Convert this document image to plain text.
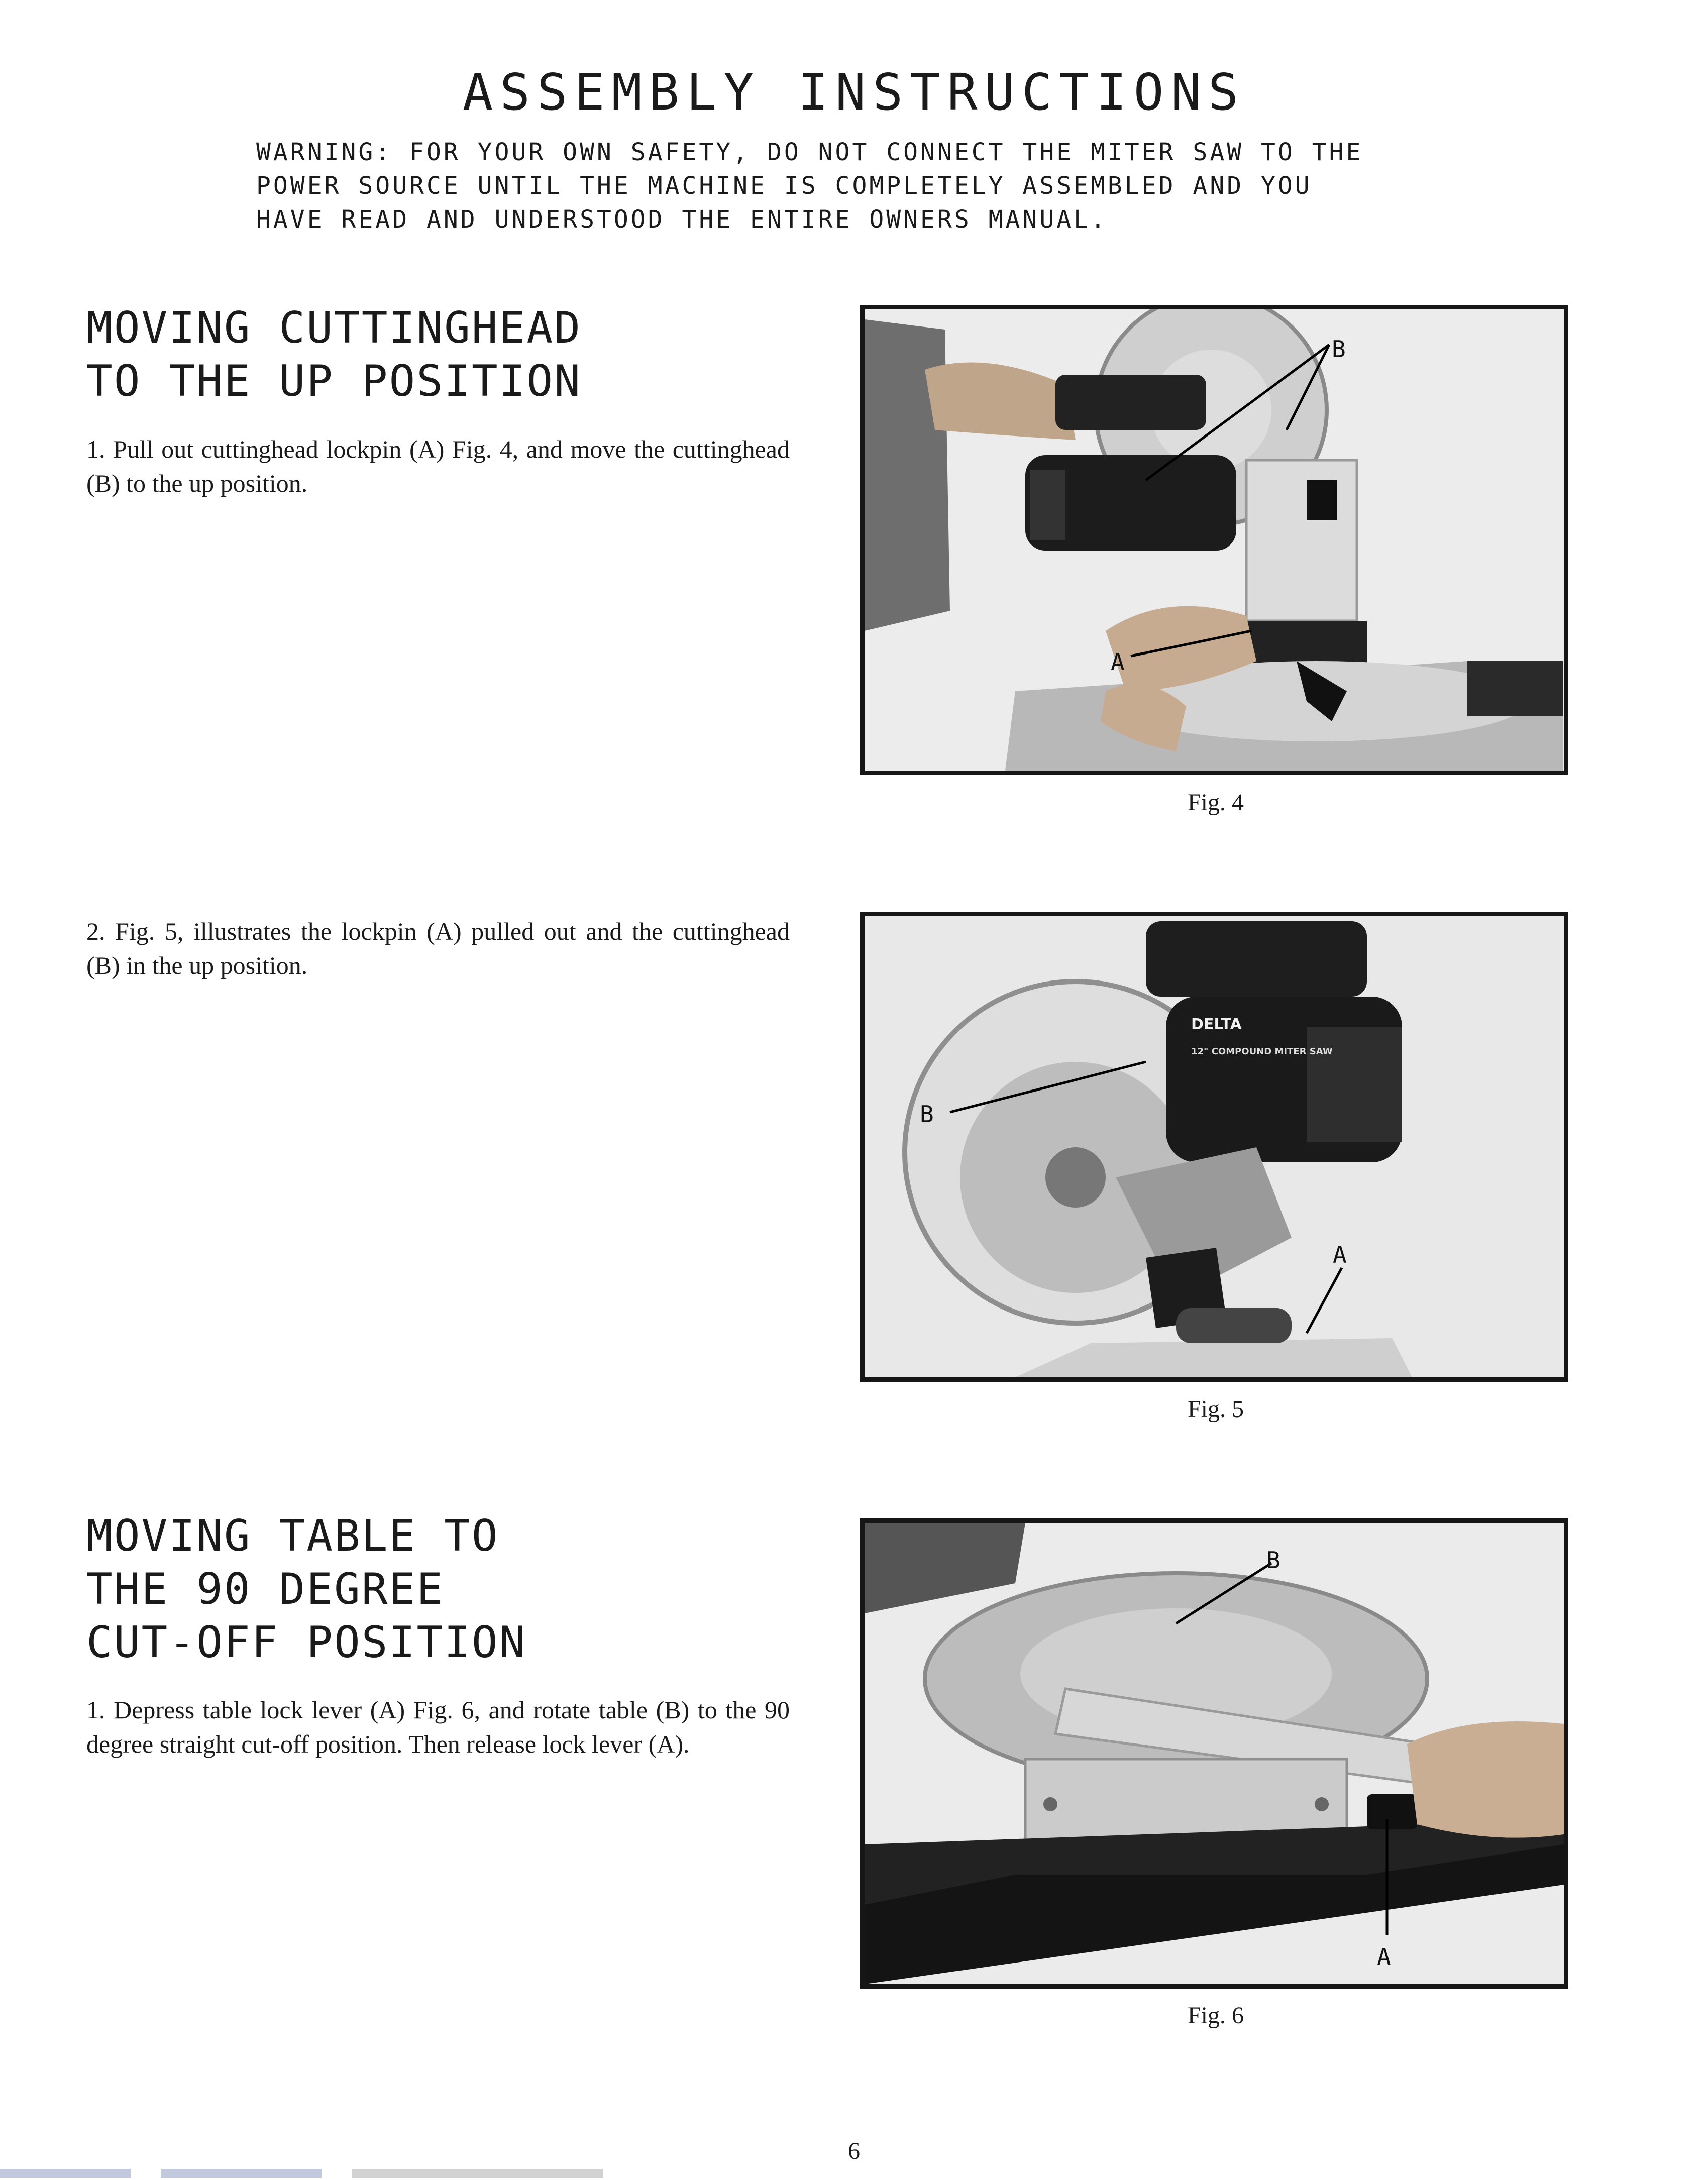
ASSEMBLY INSTRUCTIONS
WARNING: FOR YOUR OWN SAFETY, DO NOT CONNECT THE MITER SAW TO THE
POWER SOURCE UNTIL THE MACHINE IS COMPLETELY ASSEMBLED AND YOU
HAVE READ AND UNDERSTOOD THE ENTIRE OWNERS MANUAL.
MOVING CUTTINGHEAD
TO THE UP POSITION
1. Pull out cuttinghead lockpin (A) Fig. 4, and move the cuttinghead (B) to the up position.
2. Fig. 5, illustrates the lockpin (A) pulled out and the cuttinghead (B) in the up position.
B
A
Fig. 4
DELTA
12" COMPOUND MITER SAW
B
A
Fig. 5
MOVING TABLE TO
THE 90 DEGREE
CUT-OFF POSITION
1. Depress table lock lever (A) Fig. 6, and rotate table (B) to the 90 degree straight cut-off position. Then release lock lever (A).
B
A
Fig. 6
6
